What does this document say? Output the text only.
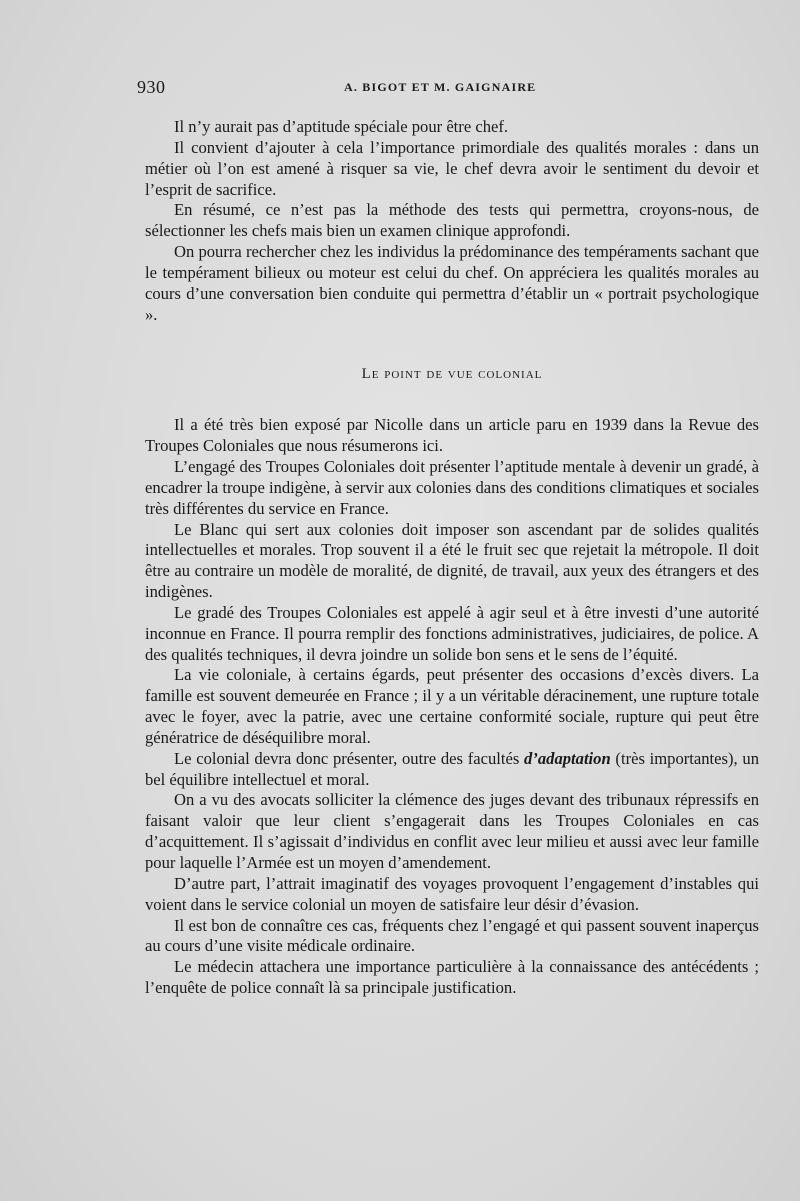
930	A. BIGOT ET M. GAIGNAIRE

Il n’y aurait pas d’aptitude spéciale pour être chef.

Il convient d’ajouter à cela l’importance primordiale des qualités morales : dans un métier où l’on est amené à risquer sa vie, le chef devra avoir le sentiment du devoir et l’esprit de sacrifice.

En résumé, ce n’est pas la méthode des tests qui permettra, croyons-nous, de sélectionner les chefs mais bien un examen clinique approfondi.

On pourra rechercher chez les individus la prédominance des tempéraments sachant que le tempérament bilieux ou moteur est celui du chef. On appréciera les qualités morales au cours d’une conversation bien conduite qui permettra d’établir un « portrait psychologique ».

Le point de vue colonial

Il a été très bien exposé par Nicolle dans un article paru en 1939 dans la Revue des Troupes Coloniales que nous résumerons ici.

L’engagé des Troupes Coloniales doit présenter l’aptitude mentale à devenir un gradé, à encadrer la troupe indigène, à servir aux colonies dans des conditions climatiques et sociales très différentes du service en France.

Le Blanc qui sert aux colonies doit imposer son ascendant par de solides qualités intellectuelles et morales. Trop souvent il a été le fruit sec que rejetait la métropole. Il doit être au contraire un modèle de moralité, de dignité, de travail, aux yeux des étrangers et des indigènes.

Le gradé des Troupes Coloniales est appelé à agir seul et à être investi d’une autorité inconnue en France. Il pourra remplir des fonctions administratives, judiciaires, de police. A des qualités techniques, il devra joindre un solide bon sens et le sens de l’équité.

La vie coloniale, à certains égards, peut présenter des occasions d’excès divers. La famille est souvent demeurée en France ; il y a un véritable déracinement, une rupture totale avec le foyer, avec la patrie, avec une certaine conformité sociale, rupture qui peut être génératrice de déséquilibre moral.

Le colonial devra donc présenter, outre des facultés d’adaptation (très importantes), un bel équilibre intellectuel et moral.

On a vu des avocats solliciter la clémence des juges devant des tribunaux répressifs en faisant valoir que leur client s’engagerait dans les Troupes Coloniales en cas d’acquittement. Il s’agissait d’individus en conflit avec leur milieu et aussi avec leur famille pour laquelle l’Armée est un moyen d’amendement.

D’autre part, l’attrait imaginatif des voyages provoquent l’engagement d’instables qui voient dans le service colonial un moyen de satisfaire leur désir d’évasion.

Il est bon de connaître ces cas, fréquents chez l’engagé et qui passent souvent inaperçus au cours d’une visite médicale ordinaire.

Le médecin attachera une importance particulière à la connaissance des antécédents ; l’enquête de police connaît là sa principale justification.
